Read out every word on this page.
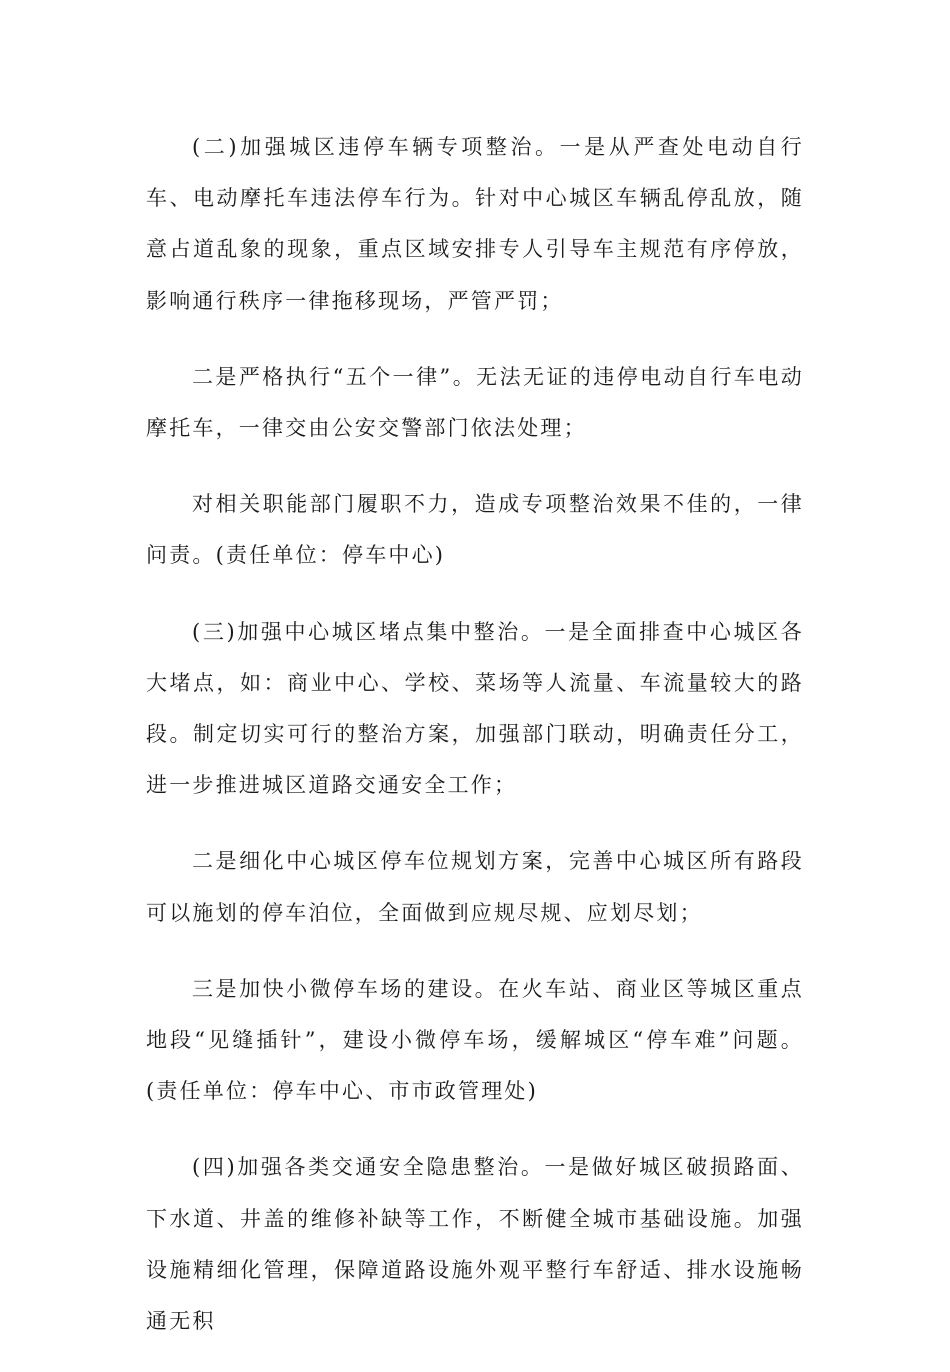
(二)加强城区违停车辆专项整治。一是从严查处电动自行车、电动摩托车违法停车行为。针对中心城区车辆乱停乱放，随意占道乱象的现象，重点区域安排专人引导车主规范有序停放，影响通行秩序一律拖移现场，严管严罚；

二是严格执行“五个一律”。无法无证的违停电动自行车电动摩托车，一律交由公安交警部门依法处理；

对相关职能部门履职不力，造成专项整治效果不佳的，一律问责。(责任单位：停车中心)

(三)加强中心城区堵点集中整治。一是全面排查中心城区各大堵点，如：商业中心、学校、菜场等人流量、车流量较大的路段。制定切实可行的整治方案，加强部门联动，明确责任分工，进一步推进城区道路交通安全工作；

二是细化中心城区停车位规划方案，完善中心城区所有路段可以施划的停车泊位，全面做到应规尽规、应划尽划；

三是加快小微停车场的建设。在火车站、商业区等城区重点地段“见缝插针”，建设小微停车场，缓解城区“停车难”问题。(责任单位：停车中心、市市政管理处)

(四)加强各类交通安全隐患整治。一是做好城区破损路面、下水道、井盖的维修补缺等工作，不断健全城市基础设施。加强设施精细化管理，保障道路设施外观平整行车舒适、排水设施畅通无积
